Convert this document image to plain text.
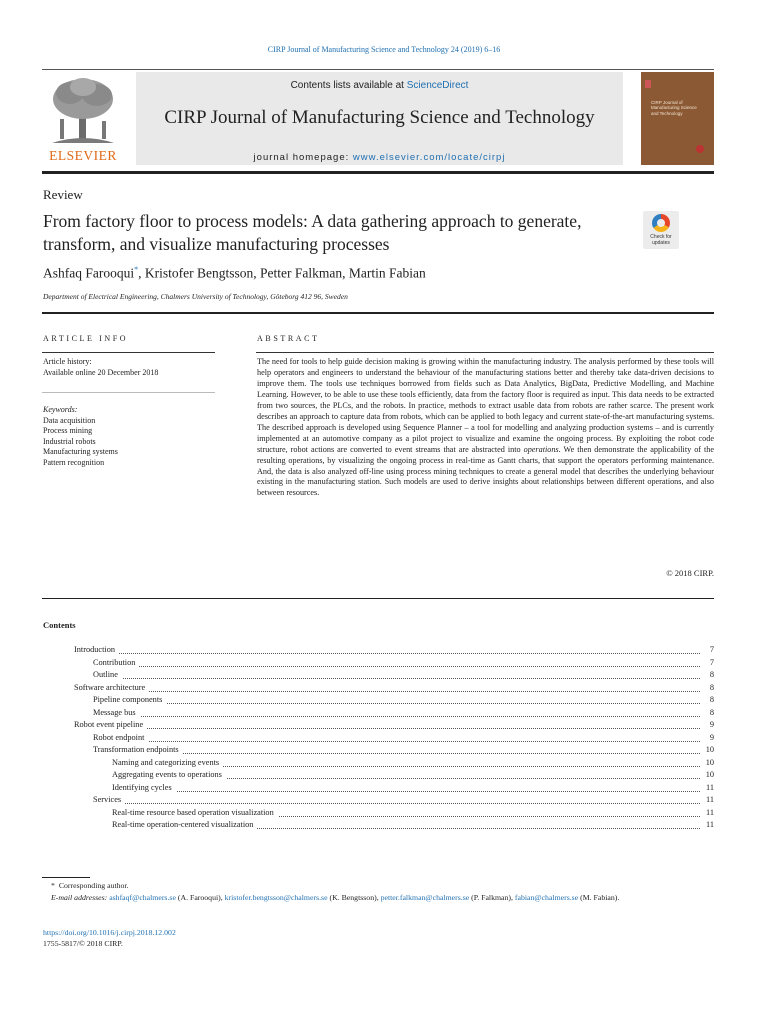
CIRP Journal of Manufacturing Science and Technology 24 (2019) 6–16
ELSEVIER
Contents lists available at ScienceDirect
CIRP Journal of Manufacturing Science and Technology
journal homepage: www.elsevier.com/locate/cirpj
CIRP Journal of Manufacturing Science and Technology
Review
From factory floor to process models: A data gathering approach to generate, transform, and visualize manufacturing processes	Check for updates
Ashfaq Farooqui*, Kristofer Bengtsson, Petter Falkman, Martin Fabian
Department of Electrical Engineering, Chalmers University of Technology, Göteborg 412 96, Sweden
ARTICLE INFO	ABSTRACT
Article history:
Available online 20 December 2018
Keywords:
Data acquisition
Process mining
Industrial robots
Manufacturing systems
Pattern recognition
The need for tools to help guide decision making is growing within the manufacturing industry. The analysis performed by these tools will help operators and engineers to understand the behaviour of the manufacturing stations better and thereby take data-driven decisions to improve them. The tools use techniques borrowed from fields such as Data Analytics, BigData, Predictive Modelling, and Machine Learning. However, to be able to use these tools efficiently, data from the factory floor is required as input. This data needs to be extracted from two sources, the PLCs, and the robots. In practice, methods to extract usable data from robots are rather scarce. The present work describes an approach to capture data from robots, which can be applied to both legacy and current state-of-the-art manufacturing systems. The described approach is developed using Sequence Planner – a tool for modelling and analyzing production systems – and is currently implemented at an automotive company as a pilot project to visualize and examine the ongoing process. By exploiting the robot code structure, robot actions are converted to event streams that are abstracted into operations. We then demonstrate the applicability of the resulting operations, by visualizing the ongoing process in real-time as Gantt charts, that support the operators performing maintenance. And, the data is also analyzed off-line using process mining techniques to create a general model that describes the underlying behaviour existing in the manufacturing station. Such models are used to derive insights about relationships between different operations, and also between resources.
© 2018 CIRP.
Contents
Introduction	7
Contribution	7
Outline	8
Software architecture	8
Pipeline components	8
Message bus	8
Robot event pipeline	9
Robot endpoint	9
Transformation endpoints	10
Naming and categorizing events	10
Aggregating events to operations	10
Identifying cycles	11
Services	11
Real-time resource based operation visualization	11
Real-time operation-centered visualization	11
* Corresponding author.
E-mail addresses: ashfaqf@chalmers.se (A. Farooqui), kristofer.bengtsson@chalmers.se (K. Bengtsson), petter.falkman@chalmers.se (P. Falkman), fabian@chalmers.se (M. Fabian).
https://doi.org/10.1016/j.cirpj.2018.12.002
1755-5817/© 2018 CIRP.
